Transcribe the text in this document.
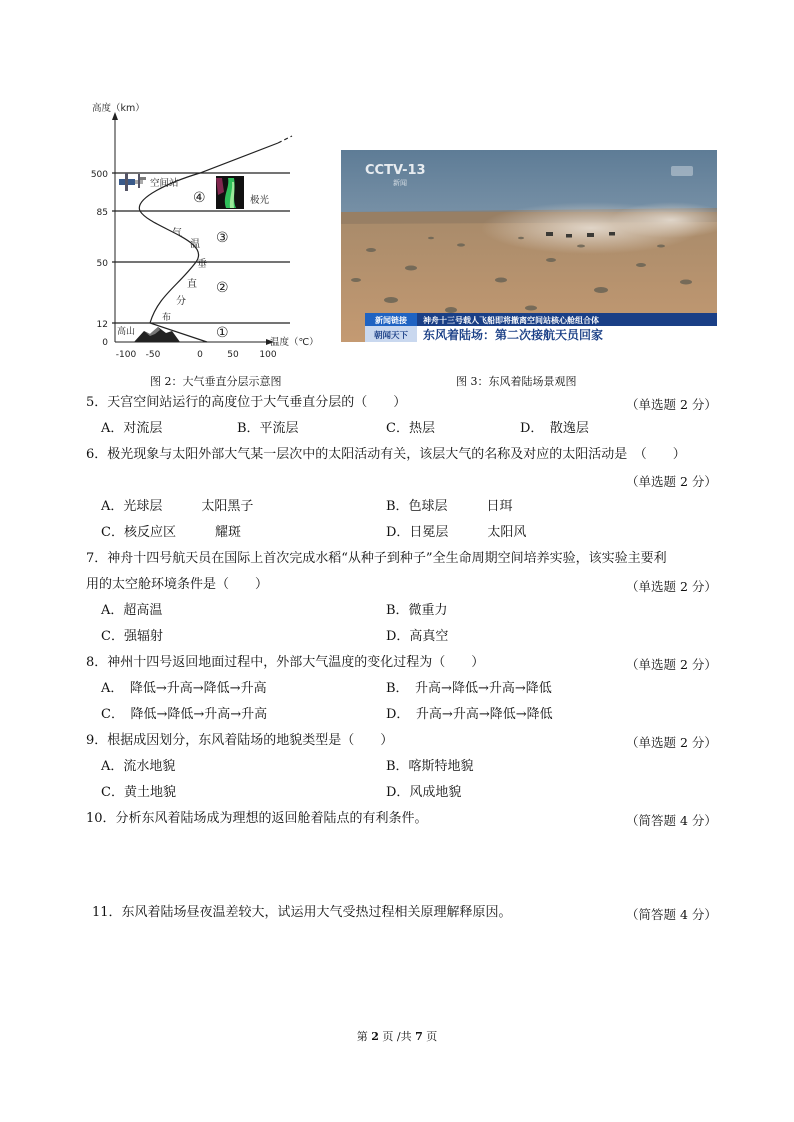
500
85
50
12
0
-100 -50	0	50 100
高度（km）
温度（℃）
气
温
垂
直
分
布
④
③
②
①
空间站
极光
高山
图 2：大气垂直分层示意图
CCTV-13
新闻
新闻链接 神舟十三号载人飞船即将撤离空间站核心舱组合体
朝闻天下 东风着陆场：第二次接航天员回家
图 3：东风着陆场景观图
5．天宫空间站运行的高度位于大气垂直分层的（　　）	（单选题 2 分）
A．对流层	B．平流层	C．热层	D．　散逸层
6．极光现象与太阳外部大气某一层次中的太阳活动有关，该层大气的名称及对应的太阳活动是　（　　）
（单选题 2 分）
A．光球层　　　太阳黑子	B．色球层　　　日珥
C．核反应区　　　耀斑	D．日冕层　　　太阳风
7．神舟十四号航天员在国际上首次完成水稻“从种子到种子”全生命周期空间培养实验，该实验主要利
用的太空舱环境条件是（　　）	（单选题 2 分）
A．超高温	B．微重力
C．强辐射	D．高真空
8．神州十四号返回地面过程中，外部大气温度的变化过程为（　　）	（单选题 2 分）
A．　降低→升高→降低→升高	B．　升高→降低→升高→降低
C．　降低→降低→升高→升高	D．　升高→升高→降低→降低
9．根据成因划分，东风着陆场的地貌类型是（　　）	（单选题 2 分）
A．流水地貌	B．喀斯特地貌
C．黄土地貌	D．风成地貌
10．分析东风着陆场成为理想的返回舱着陆点的有利条件。	（简答题 4 分）
11．东风着陆场昼夜温差较大，试运用大气受热过程相关原理解释原因。	（简答题 4 分）
第 2 页 /共 7 页
